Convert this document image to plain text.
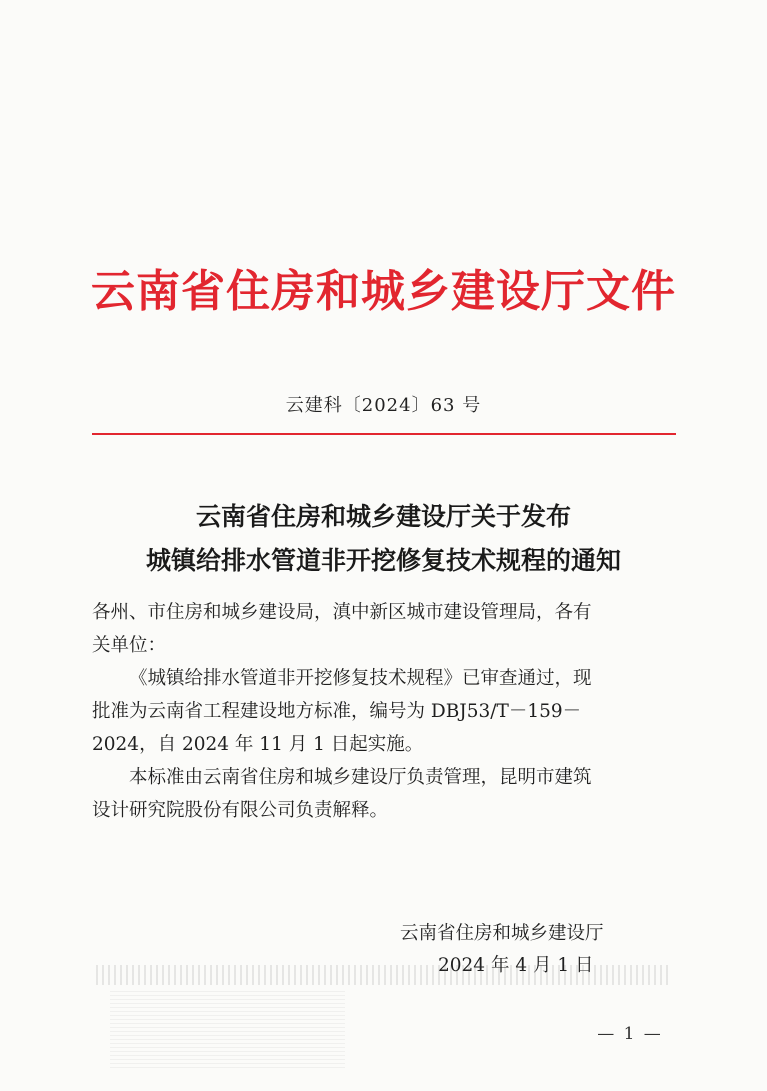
云南省住房和城乡建设厅文件
云建科〔2024〕63 号
云南省住房和城乡建设厅关于发布
城镇给排水管道非开挖修复技术规程的通知

各州、市住房和城乡建设局，滇中新区城市建设管理局，各有

关单位：

《城镇给排水管道非开挖修复技术规程》已审查通过，现

批准为云南省工程建设地方标准，编号为 DBJ53/T－159－

2024，自 2024 年 11 月 1 日起实施。

本标准由云南省住房和城乡建设厅负责管理，昆明市建筑

设计研究院股份有限公司负责解释。

云南省住房和城乡建设厅
2024 年 4 月 1 日
— 1 —
